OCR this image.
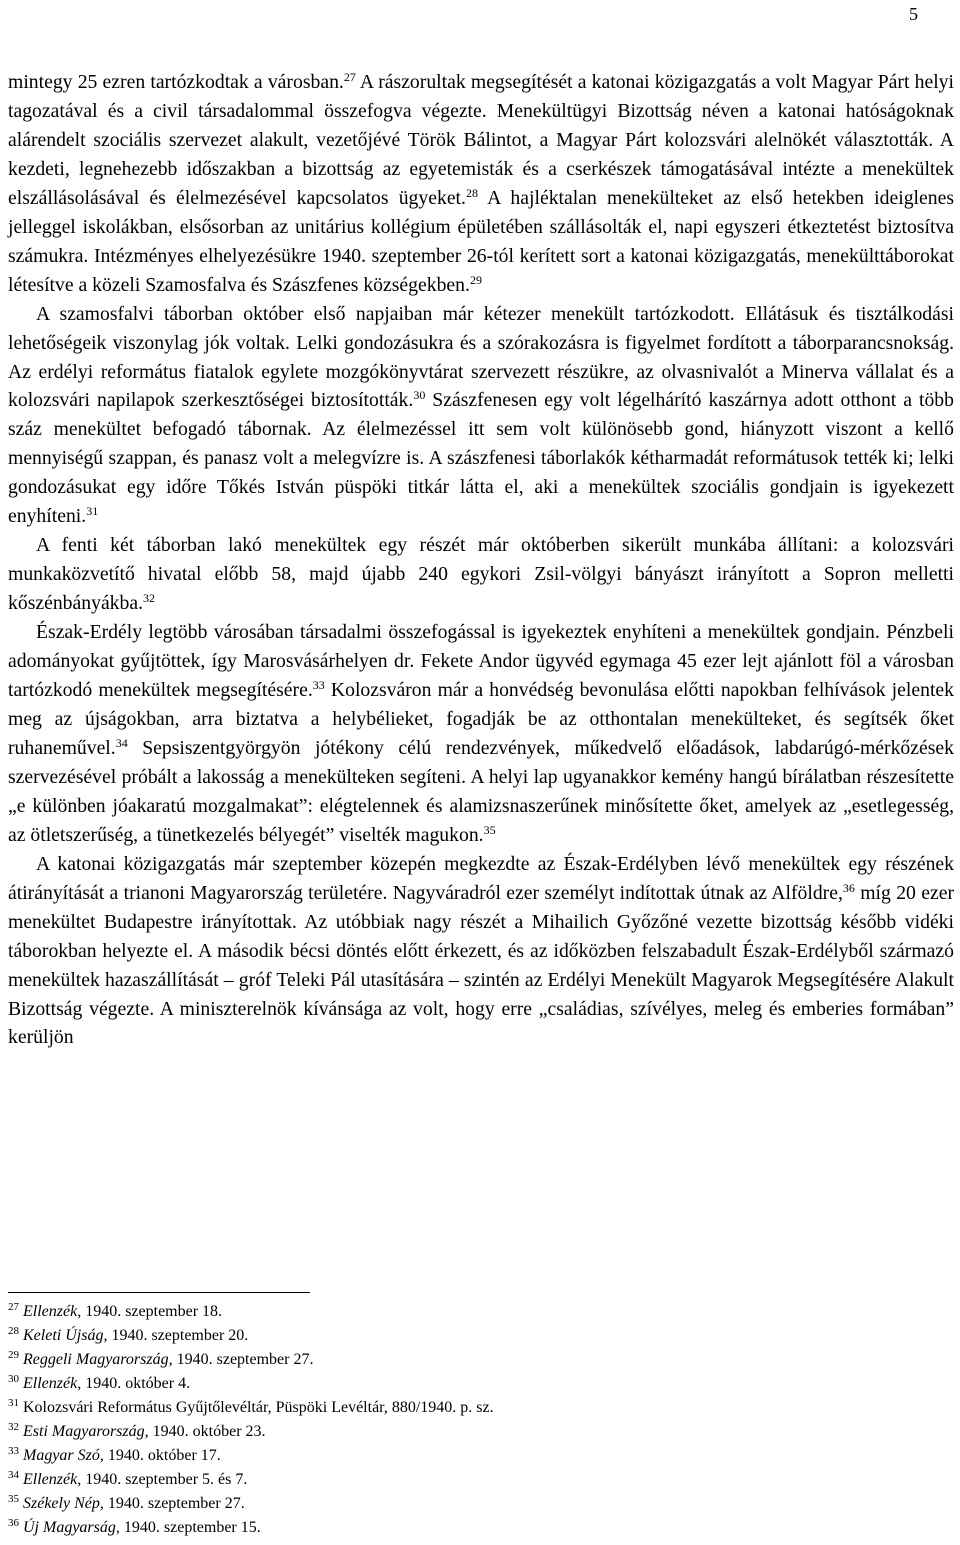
5

mintegy 25 ezren tartózkodtak a városban.$^{27}$ A rászorultak megsegítését a katonai közigazgatás a volt Magyar Párt helyi tagozatával és a civil társadalommal összefogva végezte. Menekültügyi Bizottság néven a katonai hatóságoknak alárendelt szociális szervezet alakult, vezetőjévé Török Bálintot, a Magyar Párt kolozsvári alelnökét választották. A kezdeti, legnehezebb időszakban a bizottság az egyetemisták és a cserkészek támogatásával intézte a menekültek elszállásolásával és élelmezésével kapcsolatos ügyeket.$^{28}$ A hajléktalan menekülteket az első hetekben ideiglenes jelleggel iskolákban, elsősorban az unitárius kollégium épületében szállásolták el, napi egyszeri étkeztetést biztosítva számukra. Intézményes elhelyezésükre 1940. szeptember 26-tól kerített sort a katonai közigazgatás, menekülttáborokat létesítve a közeli Szamosfalva és Szászfenes községekben.$^{29}$

A szamosfalvi táborban október első napjaiban már kétezer menekült tartózkodott. Ellátásuk és tisztálkodási lehetőségeik viszonylag jók voltak. Lelki gondozásukra és a szórakozásra is figyelmet fordított a táborparancsnokság. Az erdélyi református fiatalok egylete mozgókönyvtárat szervezett részükre, az olvasnivalót a Minerva vállalat és a kolozsvári napilapok szerkesztőségei biztosították.$^{30}$ Szászfenesen egy volt légelhárító kaszárnya adott otthont a több száz menekültet befogadó tábornak. Az élelmezéssel itt sem volt különösebb gond, hiányzott viszont a kellő mennyiségű szappan, és panasz volt a melegvízre is. A szászfenesi táborlakók kétharmadát reformátusok tették ki; lelki gondozásukat egy időre Tőkés István püspöki titkár látta el, aki a menekültek szociális gondjain is igyekezett enyhíteni.$^{31}$

A fenti két táborban lakó menekültek egy részét már októberben sikerült munkába állítani: a kolozsvári munkaközvetítő hivatal előbb 58, majd újabb 240 egykori Zsil-völgyi bányászt irányított a Sopron melletti kőszénbányákba.$^{32}$

Észak-Erdély legtöbb városában társadalmi összefogással is igyekeztek enyhíteni a menekültek gondjain. Pénzbeli adományokat gyűjtöttek, így Marosvásárhelyen dr. Fekete Andor ügyvéd egymaga 45 ezer lejt ajánlott föl a városban tartózkodó menekültek megsegítésére.$^{33}$ Kolozsváron már a honvédség bevonulása előtti napokban felhívások jelentek meg az újságokban, arra biztatva a helybélieket, fogadják be az otthontalan menekülteket, és segítsék őket ruhaneművel.$^{34}$ Sepsiszentgyörgyön jótékony célú rendezvények, műkedvelő előadások, labdarúgó-mérkőzések szervezésével próbált a lakosság a menekülteken segíteni. A helyi lap ugyanakkor kemény hangú bírálatban részesítette „e különben jóakaratú mozgalmakat”: elégtelennek és alamizsnaszerűnek minősítette őket, amelyek az „esetlegesség, az ötletszerűség, a tünetkezelés bélyegét” viselték magukon.$^{35}$

A katonai közigazgatás már szeptember közepén megkezdte az Észak-Erdélyben lévő menekültek egy részének átirányítását a trianoni Magyarország területére. Nagyváradról ezer személyt indítottak útnak az Alföldre,$^{36}$ míg 20 ezer menekültet Budapestre irányítottak. Az utóbbiak nagy részét a Mihailich Győzőné vezette bizottság később vidéki táborokban helyezte el. A második bécsi döntés előtt érkezett, és az időközben felszabadult Észak-Erdélyből származó menekültek hazaszállítását – gróf Teleki Pál utasítására – szintén az Erdélyi Menekült Magyarok Megsegítésére Alakult Bizottság végezte. A miniszterelnök kívánsága az volt, hogy erre „családias, szívélyes, meleg és emberies formában” kerüljön

$^{27}$ Ellenzék, 1940. szeptember 18.
$^{28}$ Keleti Újság, 1940. szeptember 20.
$^{29}$ Reggeli Magyarország, 1940. szeptember 27.
$^{30}$ Ellenzék, 1940. október 4.
$^{31}$ Kolozsvári Református Gyűjtőlevéltár, Püspöki Levéltár, 880/1940. p. sz.
$^{32}$ Esti Magyarország, 1940. október 23.
$^{33}$ Magyar Szó, 1940. október 17.
$^{34}$ Ellenzék, 1940. szeptember 5. és 7.
$^{35}$ Székely Nép, 1940. szeptember 27.
$^{36}$ Új Magyarság, 1940. szeptember 15.
